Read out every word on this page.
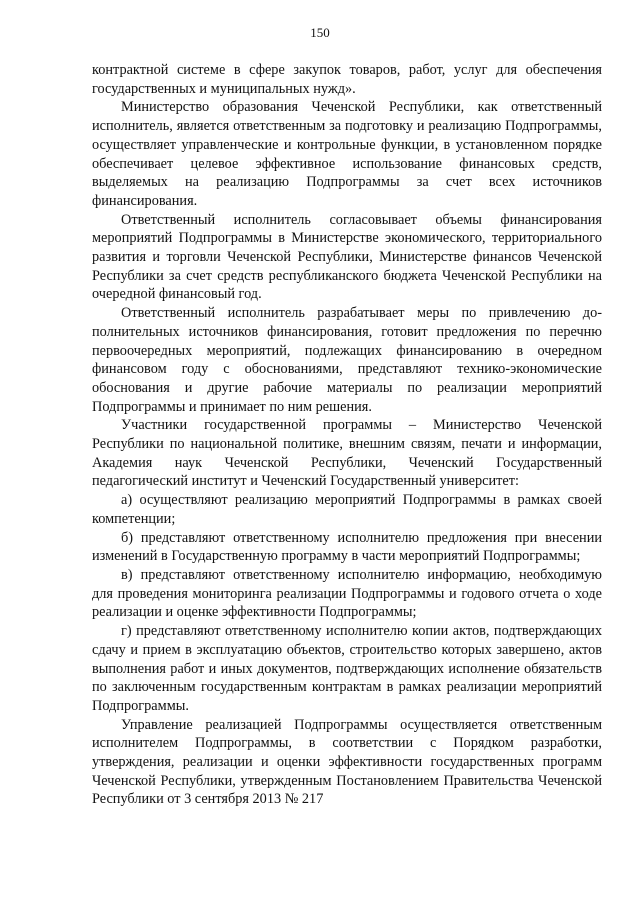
150

контрактной системе в сфере закупок товаров, работ, услуг для обеспечения государственных и муниципальных нужд».

Министерство образования Чеченской Республики, как ответственный исполнитель, является ответственным за подготовку и реализацию Подпрограммы, осуществляет управленческие и контрольные функции, в установленном порядке обеспечивает целевое эффективное использование финансовых средств, выделяемых на реализацию Подпрограммы за счет всех источников финансирования.

Ответственный исполнитель согласовывает объемы финансирования мероприятий Подпрограммы в Министерстве экономического, территориального развития и торговли Чеченской Республики, Министерстве финансов Чеченской Республики за счет средств республиканского бюджета Чеченской Республики на очередной финансовый год.

Ответственный исполнитель разрабатывает меры по привлечению дополнительных источников финансирования, готовит предложения по перечню первоочередных мероприятий, подлежащих финансированию в очередном финансовом году с обоснованиями, представляют технико-экономические обоснования и другие рабочие материалы по реализации мероприятий Подпрограммы и принимает по ним решения.

Участники государственной программы – Министерство Чеченской Республики по национальной политике, внешним связям, печати и информации, Академия наук Чеченской Республики, Чеченский Государственный педагогический институт и Чеченский Государственный университет:

а) осуществляют реализацию мероприятий Подпрограммы в рамках своей компетенции;

б) представляют ответственному исполнителю предложения при внесении изменений в Государственную программу в части мероприятий Подпрограммы;

в) представляют ответственному исполнителю информацию, необходимую для проведения мониторинга реализации Подпрограммы и годового отчета о ходе реализации и оценке эффективности Подпрограммы;

г) представляют ответственному исполнителю копии актов, подтверждающих сдачу и прием в эксплуатацию объектов, строительство которых завершено, актов выполнения работ и иных документов, подтверждающих исполнение обязательств по заключенным государственным контрактам в рамках реализации мероприятий Подпрограммы.

Управление реализацией Подпрограммы осуществляется ответственным исполнителем Подпрограммы, в соответствии с Порядком разработки, утверждения, реализации и оценки эффективности государственных программ Чеченской Республики, утвержденным Постановлением Правительства Чеченской Республики от 3 сентября 2013 № 217
